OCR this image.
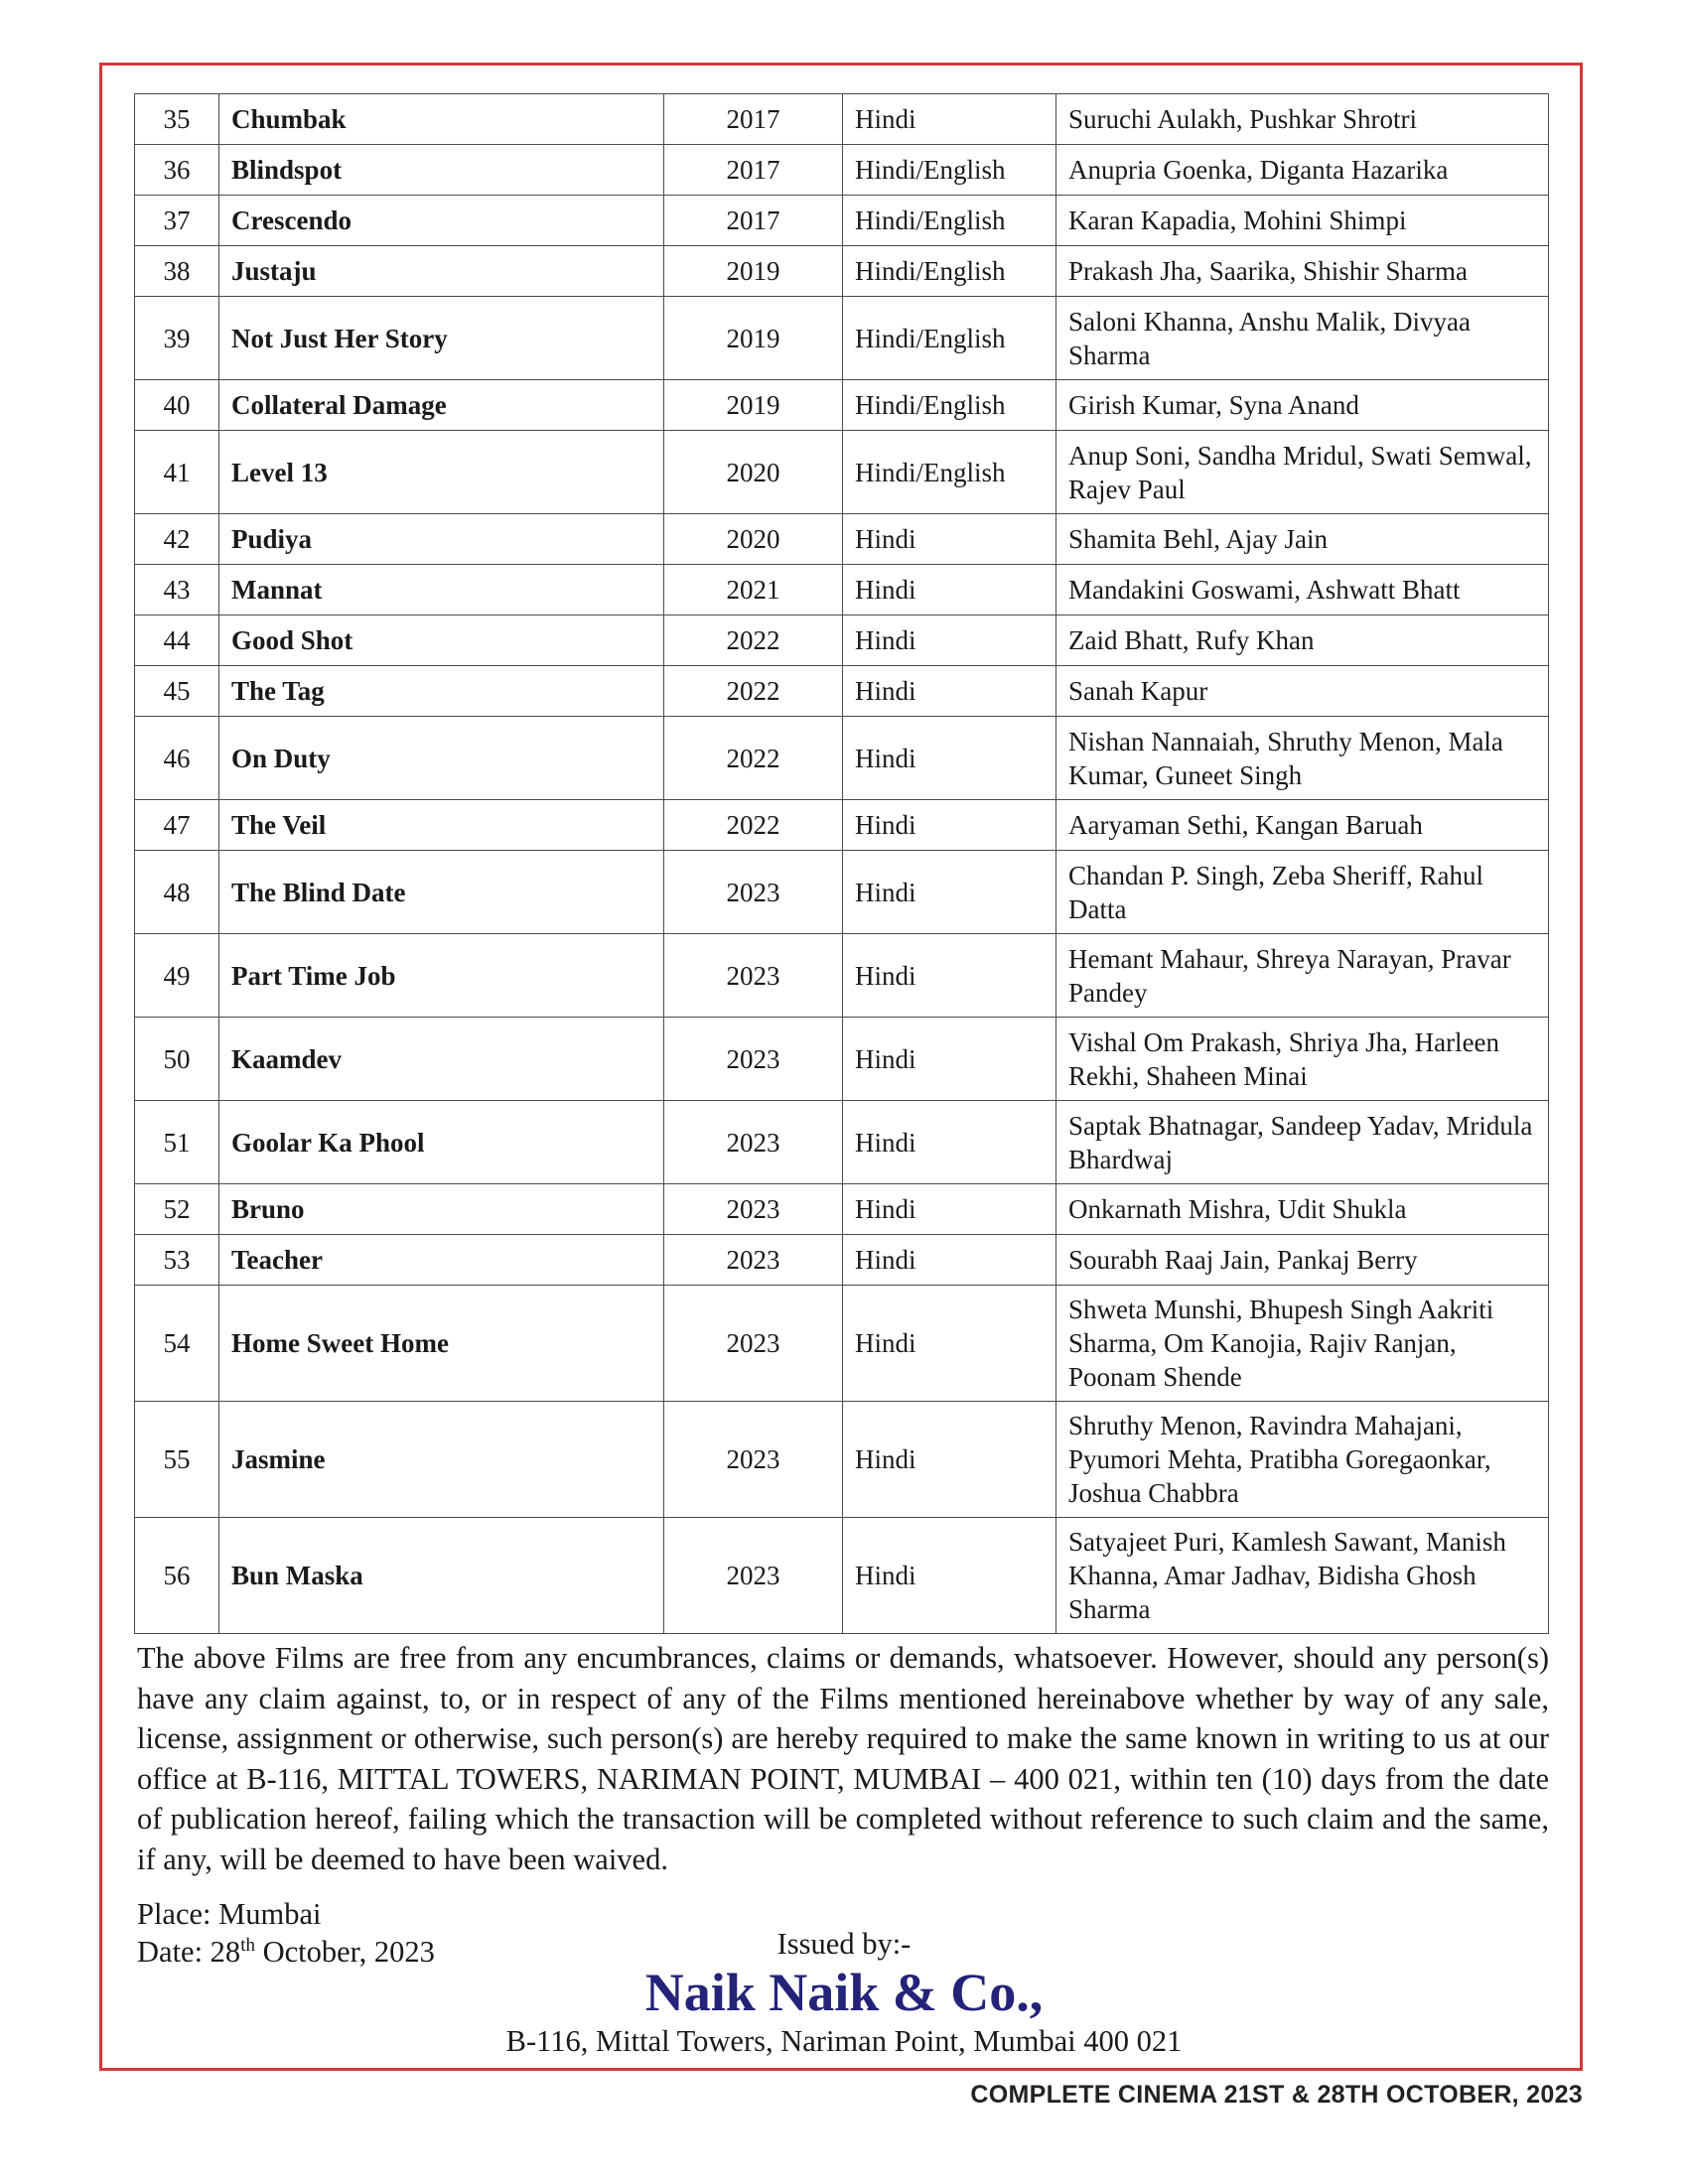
35	Chumbak	2017	Hindi	Suruchi Aulakh, Pushkar Shrotri
36	Blindspot	2017	Hindi/English	Anupria Goenka, Diganta Hazarika
37	Crescendo	2017	Hindi/English	Karan Kapadia, Mohini Shimpi
38	Justaju	2019	Hindi/English	Prakash Jha, Saarika, Shishir Sharma
39	Not Just Her Story	2019	Hindi/English	Saloni Khanna, Anshu Malik, Divyaa Sharma
40	Collateral Damage	2019	Hindi/English	Girish Kumar, Syna Anand
41	Level 13	2020	Hindi/English	Anup Soni, Sandha Mridul, Swati Semwal, Rajev Paul
42	Pudiya	2020	Hindi	Shamita Behl, Ajay Jain
43	Mannat	2021	Hindi	Mandakini Goswami, Ashwatt Bhatt
44	Good Shot	2022	Hindi	Zaid Bhatt, Rufy Khan
45	The Tag	2022	Hindi	Sanah Kapur
46	On Duty	2022	Hindi	Nishan Nannaiah, Shruthy Menon, Mala Kumar, Guneet Singh
47	The Veil	2022	Hindi	Aaryaman Sethi, Kangan Baruah
48	The Blind Date	2023	Hindi	Chandan P. Singh, Zeba Sheriff, Rahul Datta
49	Part Time Job	2023	Hindi	Hemant Mahaur, Shreya Narayan, Pravar Pandey
50	Kaamdev	2023	Hindi	Vishal Om Prakash, Shriya Jha, Harleen Rekhi, Shaheen Minai
51	Goolar Ka Phool	2023	Hindi	Saptak Bhatnagar, Sandeep Yadav, Mridula Bhardwaj
52	Bruno	2023	Hindi	Onkarnath Mishra, Udit Shukla
53	Teacher	2023	Hindi	Sourabh Raaj Jain, Pankaj Berry
54	Home Sweet Home	2023	Hindi	Shweta Munshi, Bhupesh Singh Aakriti Sharma, Om Kanojia, Rajiv Ranjan, Poonam Shende
55	Jasmine	2023	Hindi	Shruthy Menon, Ravindra Mahajani, Pyumori Mehta, Pratibha Goregaonkar, Joshua Chabbra
56	Bun Maska	2023	Hindi	Satyajeet Puri, Kamlesh Sawant, Manish Khanna, Amar Jadhav, Bidisha Ghosh Sharma

The above Films are free from any encumbrances, claims or demands, whatsoever. However, should any person(s) have any claim against, to, or in respect of any of the Films mentioned hereinabove whether by way of any sale, license, assignment or otherwise, such person(s) are hereby required to make the same known in writing to us at our office at B-116, MITTAL TOWERS, NARIMAN POINT, MUMBAI – 400 021, within ten (10) days from the date of publication hereof, failing which the transaction will be completed without reference to such claim and the same, if any, will be deemed to have been waived.

Place: Mumbai
Date: 28th October, 2023	Issued by:-
Naik Naik & Co.,
B-116, Mittal Towers, Nariman Point, Mumbai 400 021
COMPLETE CINEMA 21ST & 28TH OCTOBER, 2023
